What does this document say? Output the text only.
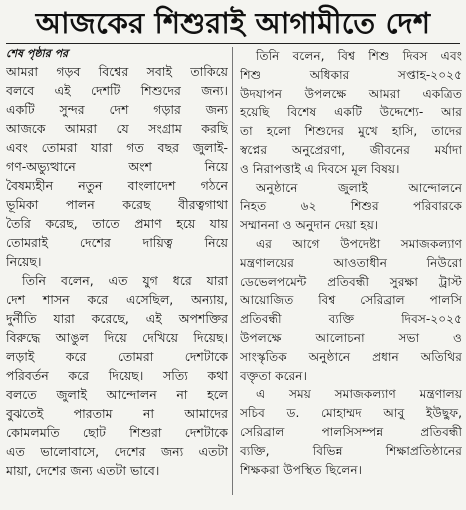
আজকের শিশুরাই আগামীতে দেশ
শেষ পৃষ্ঠার পর
আমরা গড়ব বিশ্বের সবাই তাকিয়ে
বলবে এই দেশটি শিশুদের জন্য।
একটি সুন্দর দেশ গড়ার জন্য
আজকে আমরা যে সংগ্রাম করছি
এবং তোমরা যারা গত বছর জুলাই-
গণ-অভ্যুত্থানে অংশ নিয়ে
বৈষম্যহীন নতুন বাংলাদেশ গঠনে
ভূমিকা পালন করেছ বীরত্বগাথা
তৈরি করেছ, তাতে প্রমাণ হয়ে যায়
তোমরাই দেশের দায়িত্ব নিয়ে
নিয়েছ।
তিনি বলেন, এত যুগ ধরে যারা
দেশ শাসন করে এসেছিল, অন্যায়,
দুর্নীতি যারা করেছে, এই অপশক্তির
বিরুদ্ধে আঙুল দিয়ে দেখিয়ে দিয়েছ।
লড়াই করে তোমরা দেশটাকে
পরিবর্তন করে দিয়েছ। সত্যি কথা
বলতে জুলাই আন্দোলন না হলে
বুঝতেই পারতাম না আমাদের
কোমলমতি ছোট শিশুরা দেশটাকে
এত ভালোবাসে, দেশের জন্য এতটা
মায়া, দেশের জন্য এতটা ভাবে।
তিনি বলেন, বিশ্ব শিশু দিবস এবং
শিশু অধিকার সপ্তাহ-২০২৫
উদযাপন উপলক্ষে আমরা একত্রিত
হয়েছি বিশেষ একটি উদ্দেশ্যে- আর
তা হলো শিশুদের মুখে হাসি, তাদের
স্বপ্নের অনুপ্রেরণা, জীবনের মর্যাদা
ও নিরাপত্তাই এ দিবসে মূল বিষয়।
অনুষ্ঠানে জুলাই আন্দোলনে
নিহত ৬২ শিশুর পরিবারকে
সম্মাননা ও অনুদান দেয়া হয়।
এর আগে উপদেষ্টা সমাজকল্যাণ
মন্ত্রণালয়ের আওতাধীন নিউরো
ডেভেলপমেন্ট প্রতিবন্ধী সুরক্ষা ট্রাস্ট
আয়োজিত বিশ্ব সেরিব্রাল পালসি
প্রতিবন্ধী ব্যক্তি দিবস-২০২৫
উপলক্ষে আলোচনা সভা ও
সাংস্কৃতিক অনুষ্ঠানে প্রধান অতিথির
বক্তৃতা করেন।
এ সময় সমাজকল্যাণ মন্ত্রণালয়
সচিব ড. মোহাম্মদ আবু ইউছুফ,
সেরিব্রাল পালসিসম্পন্ন প্রতিবন্ধী
ব্যক্তি, বিভিন্ন শিক্ষাপ্রতিষ্ঠানের
শিক্ষকরা উপস্থিত ছিলেন।
